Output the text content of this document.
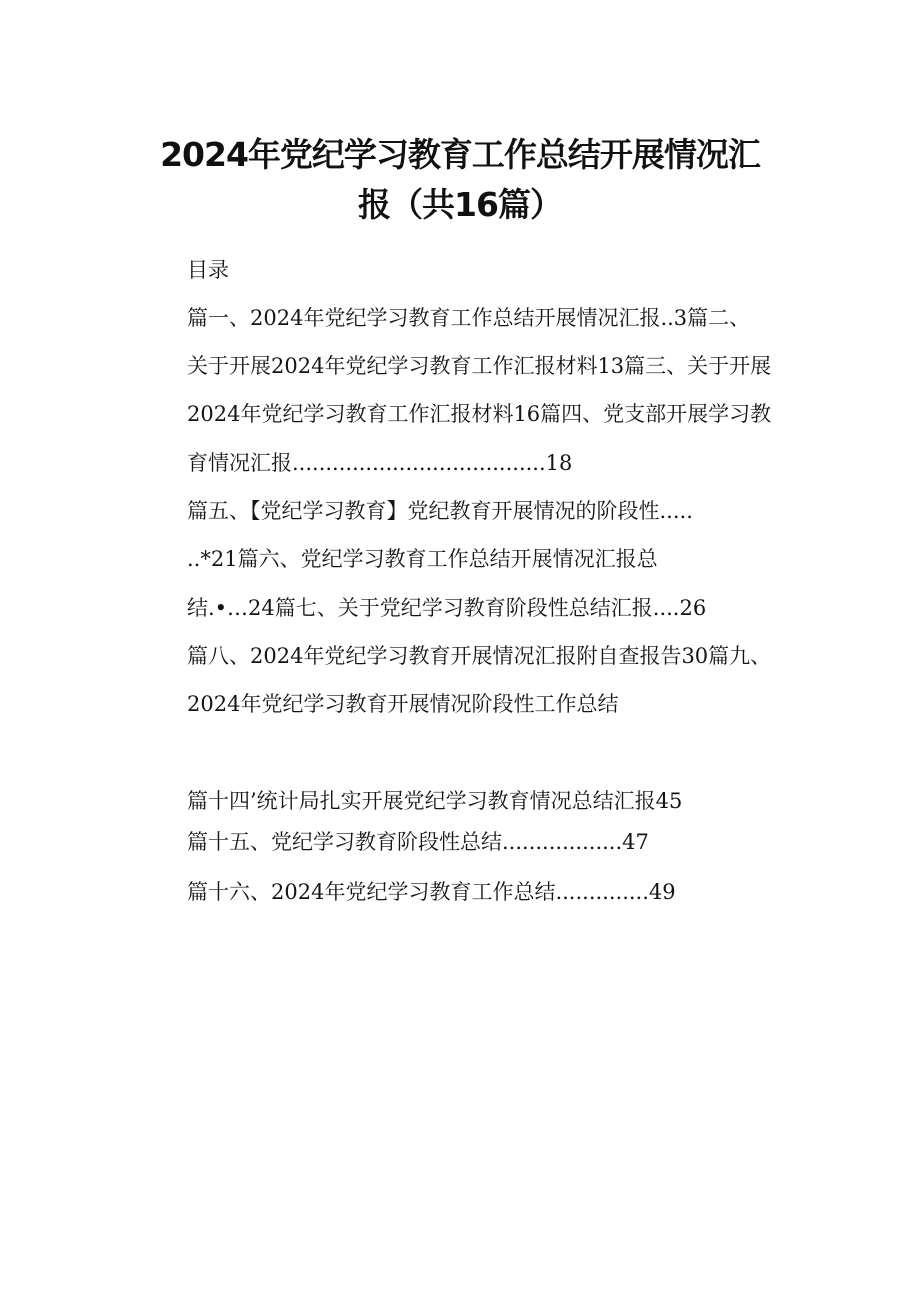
2024年党纪学习教育工作总结开展情况汇
报（共16篇）
目录
篇一、2024年党纪学习教育工作总结开展情况汇报..3篇二、
关于开展2024年党纪学习教育工作汇报材料13篇三、关于开展
2024年党纪学习教育工作汇报材料16篇四、党支部开展学习教
育情况汇报......................................18
篇五、【党纪学习教育】党纪教育开展情况的阶段性.....
..*21篇六、党纪学习教育工作总结开展情况汇报总
结.•…24篇七、关于党纪学习教育阶段性总结汇报....26
篇八、2024年党纪学习教育开展情况汇报附自查报告30篇九、
2024年党纪学习教育开展情况阶段性工作总结
篇十四’统计局扎实开展党纪学习教育情况总结汇报45
篇十五、党纪学习教育阶段性总结..................47
篇十六、2024年党纪学习教育工作总结..............49
